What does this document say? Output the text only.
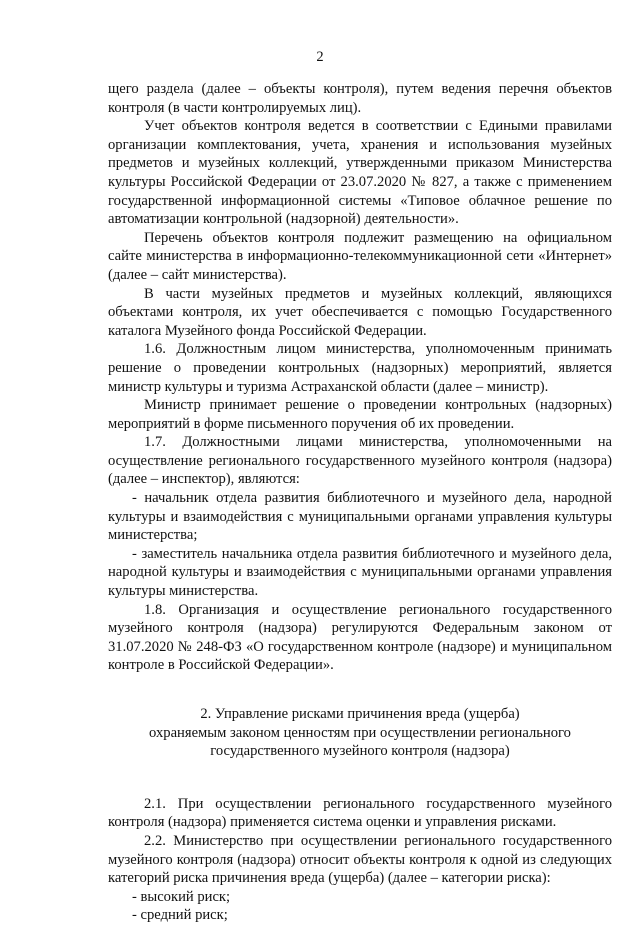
2

щего раздела (далее – объекты контроля), путем ведения перечня объектов контроля (в части контролируемых лиц).

Учет объектов контроля ведется в соответствии с Едиными правилами организации комплектования, учета, хранения и использования музейных предметов и музейных коллекций, утвержденными приказом Министерства культуры Российской Федерации от 23.07.2020 № 827, а также с применением государственной информационной системы «Типовое облачное решение по автоматизации контрольной (надзорной) деятельности».

Перечень объектов контроля подлежит размещению на официальном сайте министерства в информационно-телекоммуникационной сети «Интернет» (далее – сайт министерства).

В части музейных предметов и музейных коллекций, являющихся объектами контроля, их учет обеспечивается с помощью Государственного каталога Музейного фонда Российской Федерации.

1.6. Должностным лицом министерства, уполномоченным принимать решение о проведении контрольных (надзорных) мероприятий, является министр культуры и туризма Астраханской области (далее – министр).

Министр принимает решение о проведении контрольных (надзорных) мероприятий в форме письменного поручения об их проведении.

1.7. Должностными лицами министерства, уполномоченными на осуществление регионального государственного музейного контроля (надзора) (далее – инспектор), являются:

- начальник отдела развития библиотечного и музейного дела, народной культуры и взаимодействия с муниципальными органами управления культуры министерства;

- заместитель начальника отдела развития библиотечного и музейного дела, народной культуры и взаимодействия с муниципальными органами управления культуры министерства.

1.8. Организация и осуществление регионального государственного музейного контроля (надзора) регулируются Федеральным законом от 31.07.2020 № 248-ФЗ «О государственном контроле (надзоре) и муниципальном контроле в Российской Федерации».

2. Управление рисками причинения вреда (ущерба)
охраняемым законом ценностям при осуществлении регионального
государственного музейного контроля (надзора)

2.1. При осуществлении регионального государственного музейного контроля (надзора) применяется система оценки и управления рисками.

2.2. Министерство при осуществлении регионального государственного музейного контроля (надзора) относит объекты контроля к одной из следующих категорий риска причинения вреда (ущерба) (далее – категории риска):

- высокий риск;

- средний риск;
